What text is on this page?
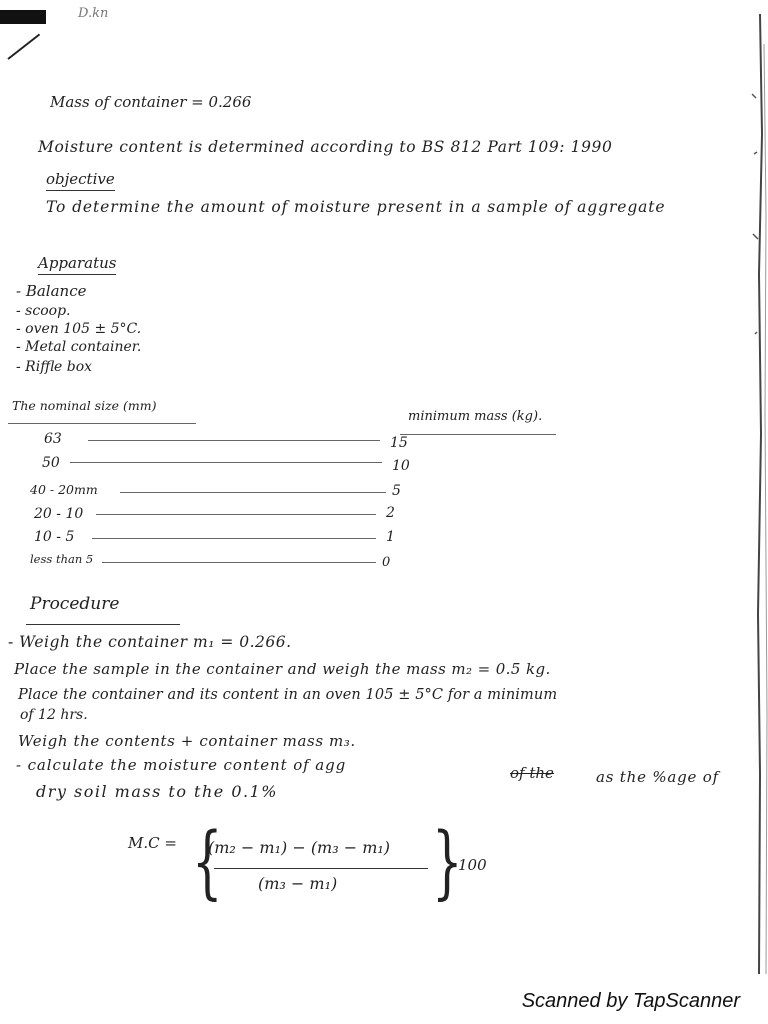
D.kn
Mass of container = 0.266
Moisture content is determined according to BS 812 Part 109: 1990
objective
To determine the amount of moisture present in a sample of aggregate
Apparatus
- Balance
- scoop.
- oven 105 ± 5°C.
- Metal container.
- Riffle box
The nominal size (mm)
minimum mass (kg).
63	15
50	10
40 - 20mm	5
20 - 10	2
10 - 5	1
less than 5	0
Procedure
- Weigh the container m₁ = 0.266.
Place the sample in the container and weigh the mass m₂ = 0.5 kg.
Place the container and its content in an oven 105 ± 5°C for a minimum
of 12 hrs.
Weigh the contents + container mass m₃.
- calculate the moisture content of agg	of the	as the %age of
dry soil mass to the 0.1%
M.C = {
(m₂ − m₁) − (m₃ − m₁)
(m₃ − m₁) }
100
Scanned by TapScanner
